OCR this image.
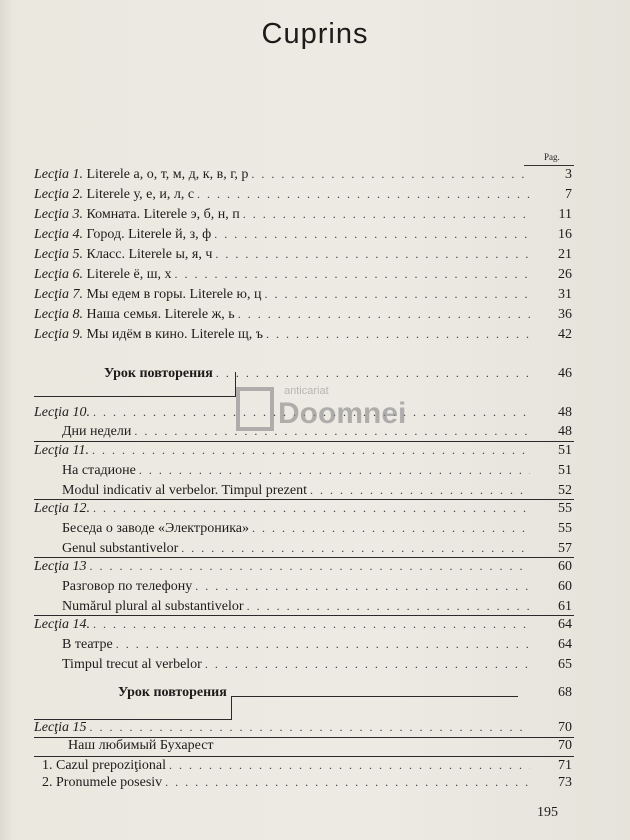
Cuprins
Pag.
Lecţia 1. Literele а, о, т, м, д, к, в, г, р . . .	3
Lecţia 2. Literele у, е, и, л, с . . .	7
Lecţia 3. Комната. Literele э, б, н, п . . .	11
Lecţia 4. Город. Literele й, з, ф . . .	16
Lecţia 5. Класс. Literele ы, я, ч . . .	21
Lecţia 6. Literele ё, ш, х . . .	26
Lecţia 7. Мы едем в горы. Literele ю, ц . . .	31
Lecţia 8. Наша семья. Literele ж, ь . . .	36
Lecţia 9. Мы идём в кино. Literele щ, ъ . . .	42
Урок повторения . . .	46
Lecţia 10. . . .	48
Дни недели . . .	48
Lecţia 11. . . .	51
На стадионе . . .	51
Modul indicativ al verbelor. Timpul prezent . . .	52
Lecţia 12. . . .	55
Беседа о заводе «Электроника» . . .	55
Genul substantivelor . . .	57
Lecţia 13 . . .	60
Разговор по телефону . . .	60
Numărul plural al substantivelor . . .	61
Lecţia 14. . . .	64
В театре . . .	64
Timpul trecut al verbelor . . .	65
Урок повторения	68
Lecţia 15 . . .	70
Наш любимый Бухарест	70
1. Cazul prepoziţional . . .	71
2. Pronumele posesiv . . .	73
anticariat
Doomnei
195
